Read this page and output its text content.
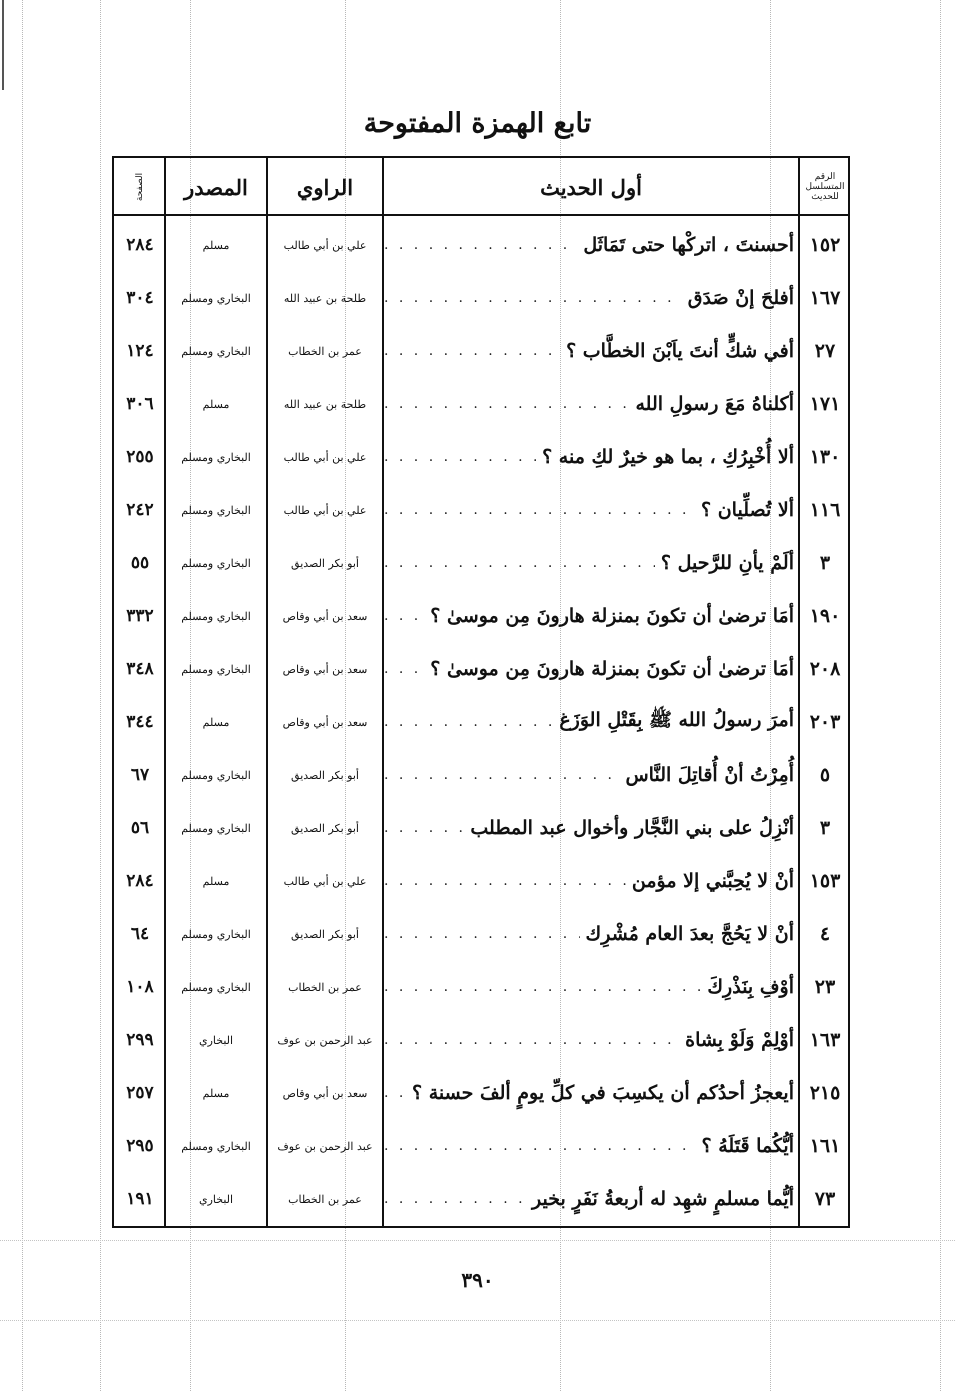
تابع الهمزة المفتوحة
الرقم المتسلسل للحديث
أول الحديث
الراوي
المصدر
الصفحة
١٥٢
أحسنتَ ، اتركْها حتى تَمَاثَل
. . .
علي بن أبي طالب
مسلم
٢٨٤
١٦٧
أفلحَ إنْ صَدَق
. . .
طلحة بن عبيد الله
البخاري ومسلم
٣٠٤
٢٧
أفي شكٍّ أنتَ ياَبْنَ الخطَّاب ؟
. . .
عمر بن الخطاب
البخاري ومسلم
١٢٤
١٧١
أكلناهُ مَعَ رسولِ الله
. . .
طلحة بن عبيد الله
مسلم
٣٠٦
١٣٠
ألا أُخْبِرُكِ ، بما هو خيرٌ لكِ منه ؟
. . .
علي بن أبي طالب
البخاري ومسلم
٢٥٥
١١٦
ألا تُصلِّيان ؟
. . .
علي بن أبي طالب
البخاري ومسلم
٢٤٢
٣
ألَمْ يأنِ للرَّحيل ؟
. . .
أبو بكر الصديق
البخاري ومسلم
٥٥
١٩٠
أمَا ترضىٰ أن تكونَ بمنزلة هارونَ مِن موسىٰ ؟
. . .
سعد بن أبي وقاص
البخاري ومسلم
٣٣٢
٢٠٨
أمَا ترضىٰ أن تكونَ بمنزلة هارونَ مِن موسىٰ ؟
. . .
سعد بن أبي وقاص
البخاري ومسلم
٣٤٨
٢٠٣
أمرَ رسولُ الله ﷺ بِقَتْلِ الوَزَغ
. . .
سعد بن أبي وقاص
مسلم
٣٤٤
٥
أُمِرْتُ أنْ أُقاتِلَ النَّاس
. . .
أبو بكر الصديق
البخاري ومسلم
٦٧
٣
أنْزِلُ على بني النَّجَّار وأخوال عبد المطلب
. . .
أبو بكر الصديق
البخاري ومسلم
٥٦
١٥٣
أنْ لا يُحِبَّني إلا مؤمن
. . .
علي بن أبي طالب
مسلم
٢٨٤
٤
أنْ لا يَحُجَّ بعدَ العام مُشْرِك
. . .
أبو بكر الصديق
البخاري ومسلم
٦٤
٢٣
أوْفِ بِنَذْرِكَ
. . .
عمر بن الخطاب
البخاري ومسلم
١٠٨
١٦٣
أوْلِمْ وَلَوْ بِشاة
. . .
عبد الرحمن بن عوف
البخاري
٢٩٩
٢١٥
أيعجزُ أحدُكم أن يكسِبَ في كلِّ يومٍ ألفَ حسنة ؟
. . .
سعد بن أبي وقاص
مسلم
٢٥٧
١٦١
أيُّكُما قَتَلَهُ ؟
. . .
عبد الرحمن بن عوف
البخاري ومسلم
٢٩٥
٧٣
أيُّما مسلمٍ شهِد له أربعةُ نَفَرٍ بخير
. . .
عمر بن الخطاب
البخاري
١٩١
٣٩٠
